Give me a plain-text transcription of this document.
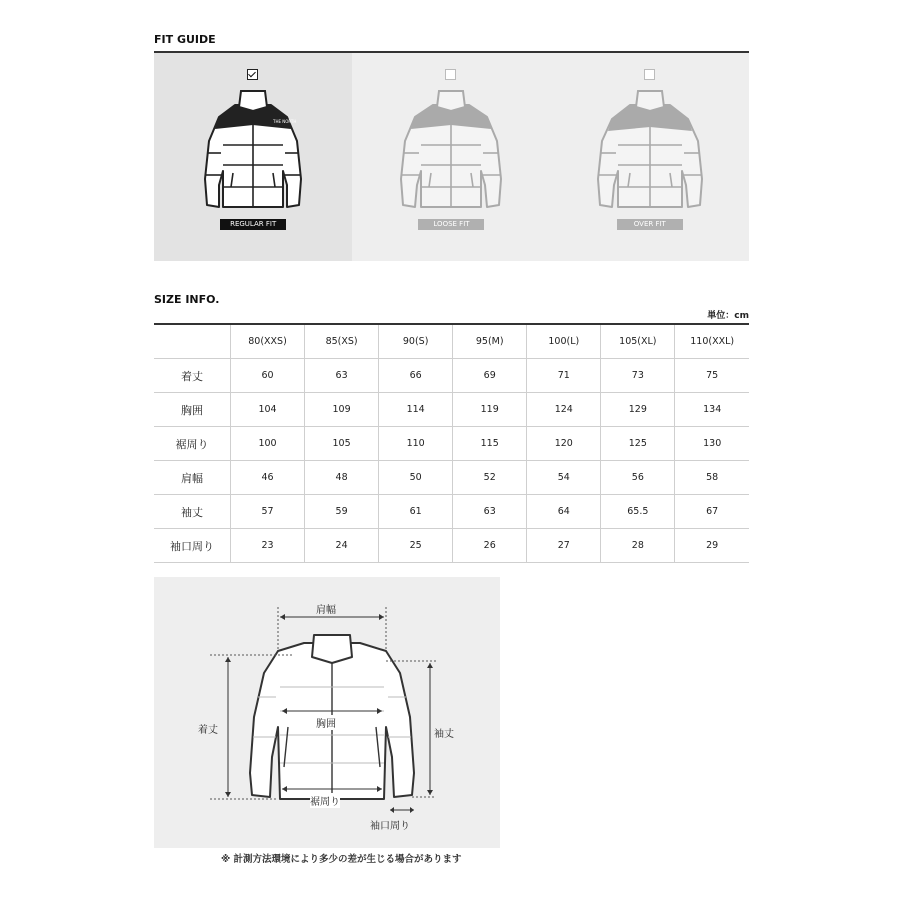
FIT GUIDE
THE NORTH
REGULAR FIT	LOOSE FIT	OVER FIT
SIZE INFO.
単位：cm
	80(XXS)	85(XS)	90(S)	95(M)	100(L)	105(XL)	110(XXL)
着丈	60	63	66	69	71	73	75
胸囲	104	109	114	119	124	129	134
裾周り	100	105	110	115	120	125	130
肩幅	46	48	50	52	54	56	58
袖丈	57	59	61	63	64	65.5	67
袖口周り	23	24	25	26	27	28	29
肩幅
着丈
胸囲
袖丈
裾周り
袖口周り
※ 計測方法環境により多少の差が生じる場合があります
